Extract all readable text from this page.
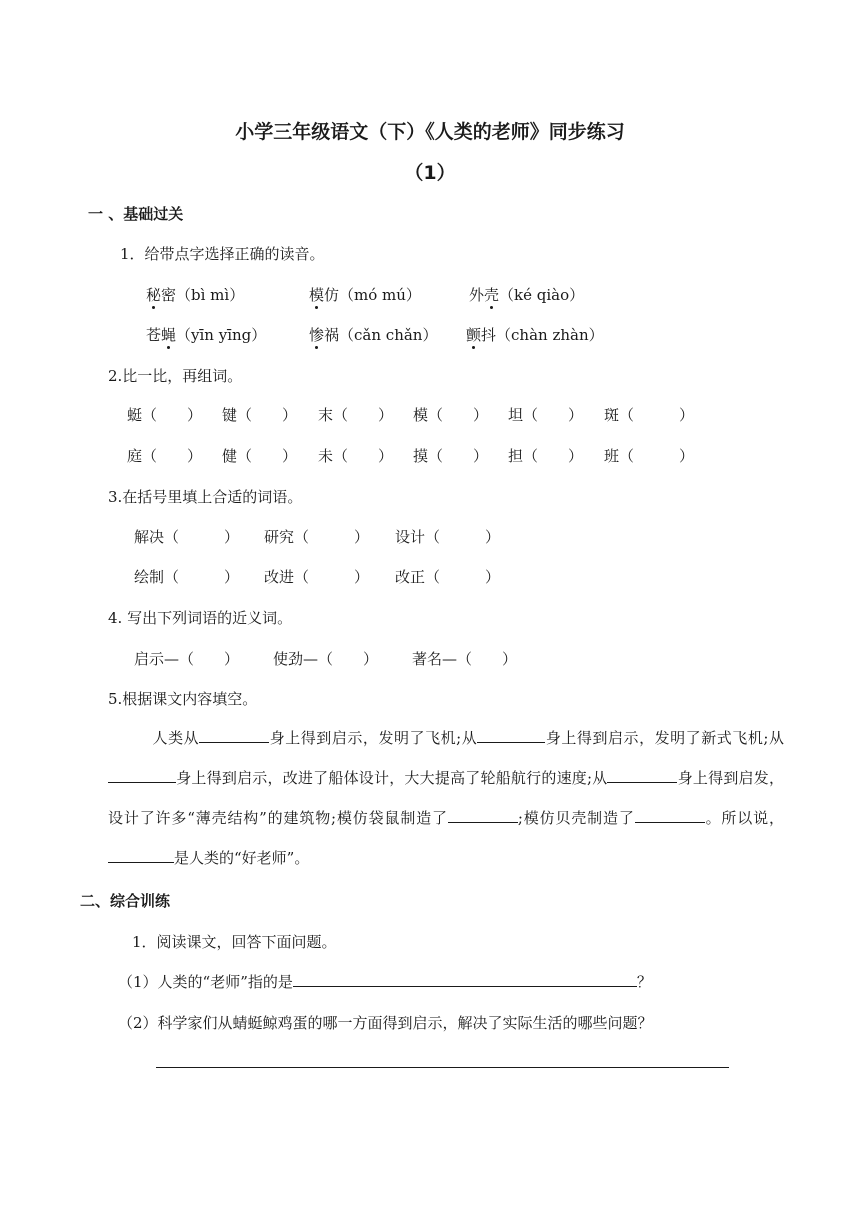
小学三年级语文（下）《人类的老师》同步练习
（1）
一 、基础过关
1．给带点字选择正确的读音。
秘密（bì mì）	模仿（mó mú）	外壳（ké qiào）
苍蝇（yīn yīng）	惨祸（cǎn chǎn） 颤抖（chàn zhàn）
2.比一比，再组词。
蜓（　　） 键（　　） 末（　　） 模（　　） 坦（　　） 斑（　　　）
庭（　　） 健（　　） 未（　　） 摸（　　） 担（　　） 班（　　　）
3.在括号里填上合适的词语。
解决（　　　） 研究（　　　） 设计（　　　）
绘制（　　　） 改进（　　　） 改正（　　　）
4. 写出下列词语的近义词。
启示—（　　） 使劲—（　　） 著名—（　　）
5.根据课文内容填空。
人类从	身上得到启示，发明了飞机;从	身上得到启示，发明了新式飞机;从身上得到启示，改进了船体设计，大大提高了轮船航行的速度;从	身上得到启发，设计了许多“薄壳结构”的建筑物;模仿袋鼠制造了	;模仿贝壳制造了	。所以说，是人类的“好老师”。
二、综合训练
1．阅读课文，回答下面问题。
（1）人类的“老师”指的是	？
（2）科学家们从蜻蜓鲸鸡蛋的哪一方面得到启示，解决了实际生活的哪些问题？
